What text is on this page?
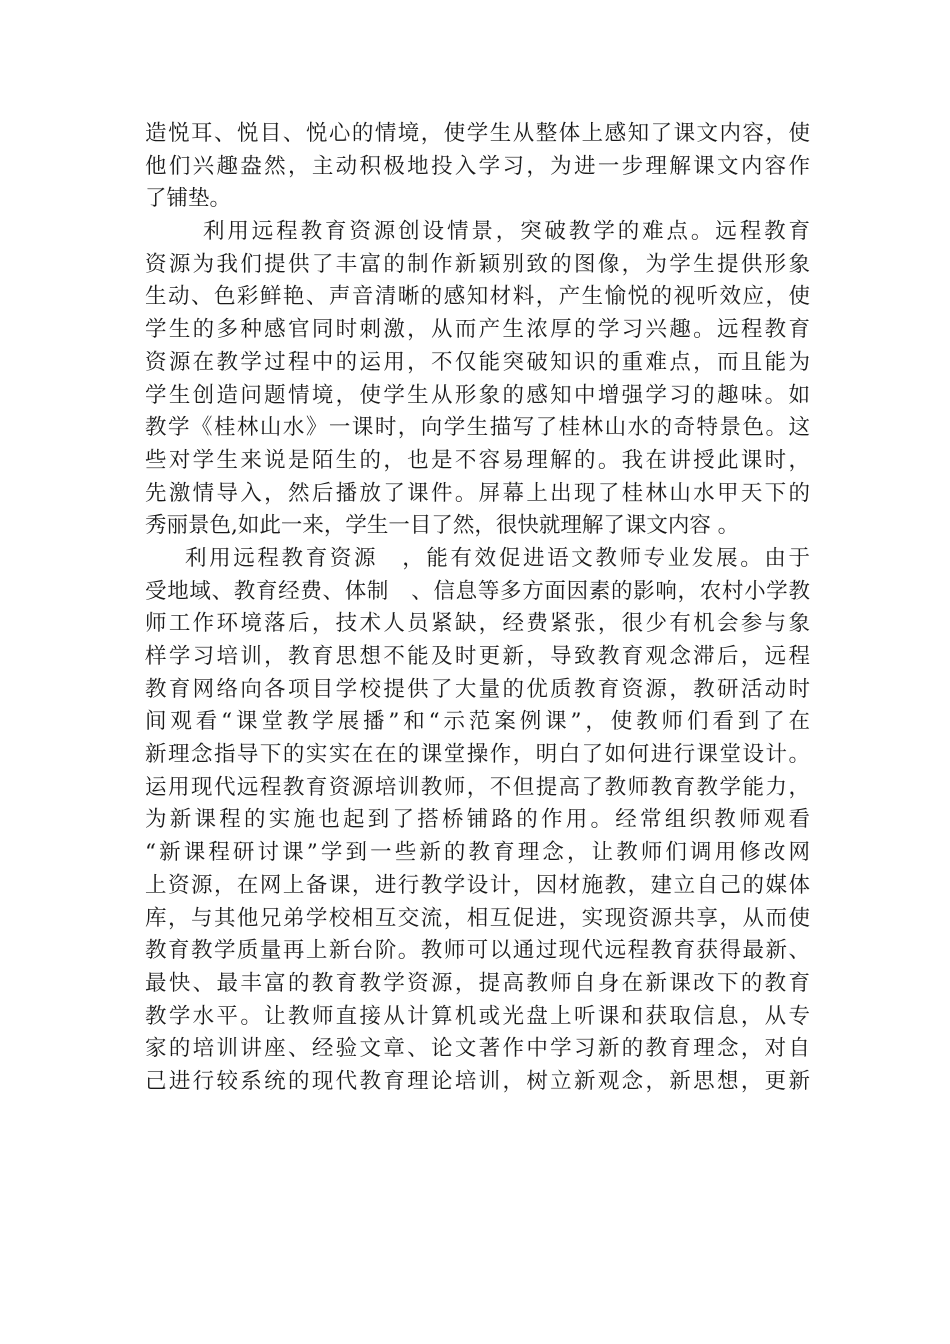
造悦耳、悦目、悦心的情境，使学生从整体上感知了课文内容，使
他们兴趣盎然，主动积极地投入学习，为进一步理解课文内容作
了铺垫。
利用远程教育资源创设情景，突破教学的难点。远程教育
资源为我们提供了丰富的制作新颖别致的图像，为学生提供形象
生动、色彩鲜艳、声音清晰的感知材料，产生愉悦的视听效应，使
学生的多种感官同时刺激，从而产生浓厚的学习兴趣。远程教育
资源在教学过程中的运用，不仅能突破知识的重难点，而且能为
学生创造问题情境，使学生从形象的感知中增强学习的趣味。如
教学《桂林山水》一课时，向学生描写了桂林山水的奇特景色。这
些对学生来说是陌生的，也是不容易理解的。我在讲授此课时，
先激情导入，然后播放了课件。屏幕上出现了桂林山水甲天下的
秀丽景色,如此一来，学生一目了然，很快就理解了课文内容 。
利用远程教育资源　，能有效促进语文教师专业发展。由于
受地域、教育经费、体制　、信息等多方面因素的影响，农村小学教
师工作环境落后，技术人员紧缺，经费紧张，很少有机会参与象
样学习培训，教育思想不能及时更新，导致教育观念滞后，远程
教育网络向各项目学校提供了大量的优质教育资源，教研活动时
间观看“课堂教学展播”和“示范案例课”，使教师们看到了在
新理念指导下的实实在在的课堂操作，明白了如何进行课堂设计。
运用现代远程教育资源培训教师，不但提高了教师教育教学能力，
为新课程的实施也起到了搭桥铺路的作用。经常组织教师观看
“新课程研讨课”学到一些新的教育理念，让教师们调用修改网
上资源，在网上备课，进行教学设计，因材施教，建立自己的媒体
库，与其他兄弟学校相互交流，相互促进，实现资源共享，从而使
教育教学质量再上新台阶。教师可以通过现代远程教育获得最新、
最快、最丰富的教育教学资源，提高教师自身在新课改下的教育
教学水平。让教师直接从计算机或光盘上听课和获取信息，从专
家的培训讲座、经验文章、论文著作中学习新的教育理念，对自
己进行较系统的现代教育理论培训，树立新观念，新思想，更新
